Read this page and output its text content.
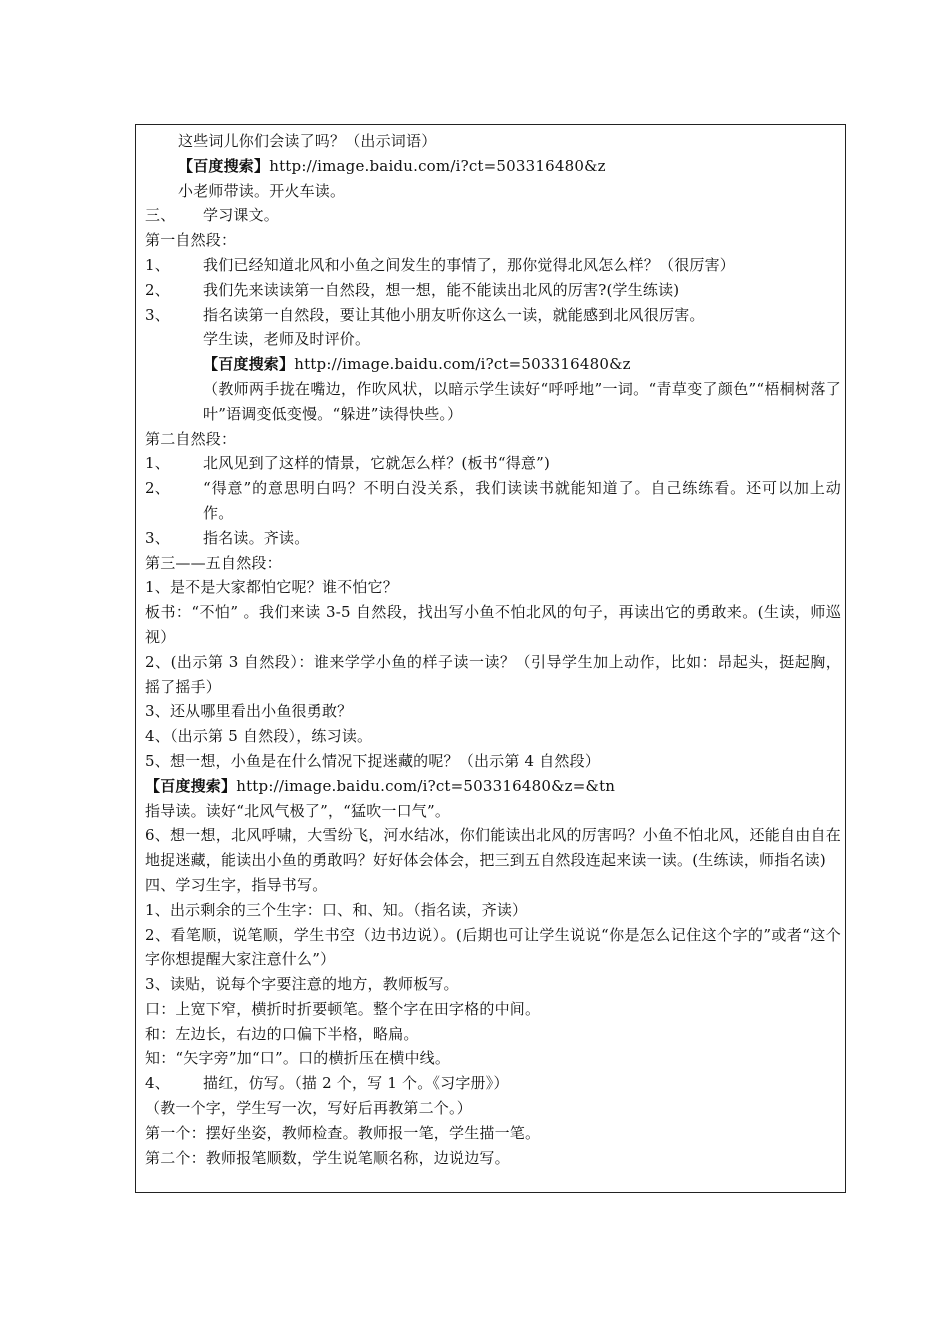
这些词儿你们会读了吗？（出示词语）
【百度搜索】http://image.baidu.com/i?ct=503316480&z
小老师带读。开火车读。
三、	学习课文。
第一自然段：
1、	我们已经知道北风和小鱼之间发生的事情了，那你觉得北风怎么样？（很厉害）
2、	我们先来读读第一自然段，想一想，能不能读出北风的厉害?(学生练读)
3、	指名读第一自然段，要让其他小朋友听你这么一读，就能感到北风很厉害。
学生读，老师及时评价。
【百度搜索】http://image.baidu.com/i?ct=503316480&z
（教师两手拢在嘴边，作吹风状，以暗示学生读好“呼呼地”一词。“青草变了颜色”“梧桐树落了叶”语调变低变慢。“躲进”读得快些。）
第二自然段：
1、	北风见到了这样的情景，它就怎么样？(板书“得意”)
2、	“得意”的意思明白吗？不明白没关系，我们读读书就能知道了。自己练练看。还可以加上动作。
3、	指名读。齐读。
第三——五自然段：
1、是不是大家都怕它呢？谁不怕它？
板书：“不怕” 。我们来读 3-5 自然段，找出写小鱼不怕北风的句子，再读出它的勇敢来。(生读，师巡视）
2、(出示第 3 自然段）：谁来学学小鱼的样子读一读？（引导学生加上动作，比如：昂起头，挺起胸，摇了摇手）
3、还从哪里看出小鱼很勇敢？
4、（出示第 5 自然段），练习读。
5、想一想，小鱼是在什么情况下捉迷藏的呢？（出示第 4 自然段）
【百度搜索】http://image.baidu.com/i?ct=503316480&z=&tn
指导读。读好“北风气极了”，“猛吹一口气”。
6、想一想，北风呼啸，大雪纷飞，河水结冰，你们能读出北风的厉害吗？小鱼不怕北风，还能自由自在地捉迷藏，能读出小鱼的勇敢吗？好好体会体会，把三到五自然段连起来读一读。(生练读，师指名读)
四、学习生字，指导书写。
1、出示剩余的三个生字：口、和、知。（指名读，齐读）
2、看笔顺，说笔顺，学生书空（边书边说）。(后期也可让学生说说“你是怎么记住这个字的”或者“这个字你想提醒大家注意什么”）
3、读贴，说每个字要注意的地方，教师板写。
口：上宽下窄，横折时折要顿笔。整个字在田字格的中间。
和：左边长，右边的口偏下半格，略扁。
知：“矢字旁”加“口”。口的横折压在横中线。
4、	描红，仿写。（描 2 个，写 1 个。《习字册》）
（教一个字，学生写一次，写好后再教第二个。）
第一个：摆好坐姿，教师检查。教师报一笔，学生描一笔。
第二个：教师报笔顺数，学生说笔顺名称，边说边写。
